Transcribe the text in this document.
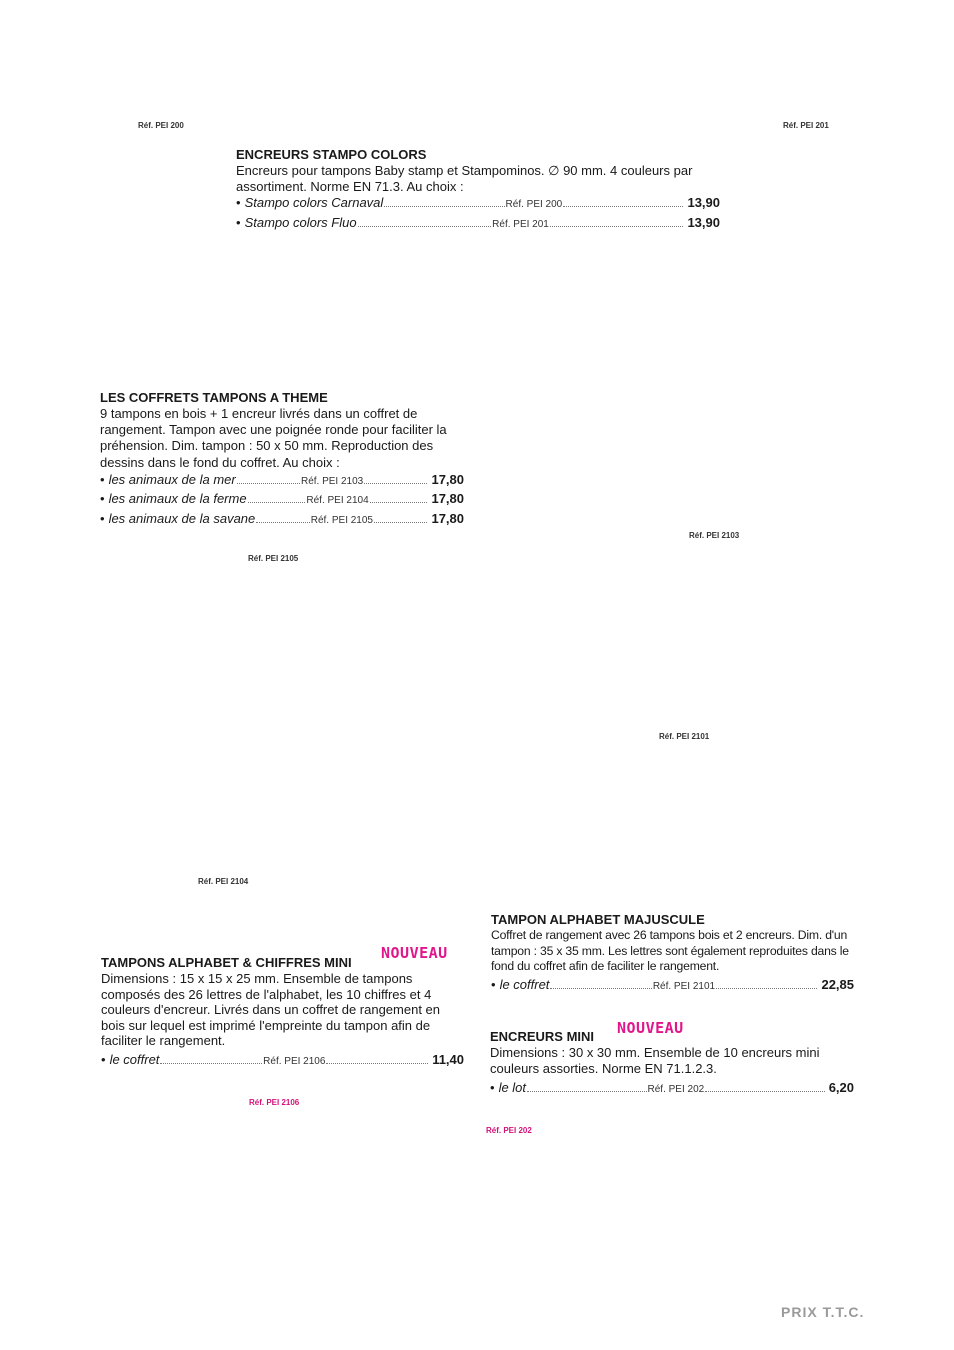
Réf. PEI 200	Réf. PEI 201
Réf. PEI 2103
Réf. PEI 2105
Réf. PEI 2101
Réf. PEI 2104
Réf. PEI 2106
Réf. PEI 202
ENCREURS STAMPO COLORS
Encreurs pour tampons Baby stamp et Stampominos. ∅ 90 mm. 4 couleurs par assortiment. Norme EN 71.3. Au choix :
• Stampo colors Carnaval	Réf. PEI 200	13,90
• Stampo colors Fluo	Réf. PEI 201	13,90
LES COFFRETS TAMPONS A THEME
9 tampons en bois + 1 encreur livrés dans un coffret de rangement. Tampon avec une poignée ronde pour faciliter la préhension. Dim. tampon : 50 x 50 mm. Reproduction des dessins dans le fond du coffret. Au choix :
• les animaux de la mer	Réf. PEI 2103	17,80
• les animaux de la ferme	Réf. PEI 2104	17,80
• les animaux de la savane	Réf. PEI 2105	17,80
NOUVEAU
TAMPONS ALPHABET & CHIFFRES MINI
Dimensions : 15 x 15 x 25 mm. Ensemble de tampons composés des 26 lettres de l'alphabet, les 10 chiffres et 4 couleurs d'encreur. Livrés dans un coffret de rangement en bois sur lequel est imprimé l'empreinte du tampon afin de faciliter le rangement.
• le coffret	Réf. PEI 2106	11,40
TAMPON ALPHABET MAJUSCULE
Coffret de rangement avec 26 tampons bois et 2 encreurs. Dim. d'un tampon : 35 x 35 mm. Les lettres sont également reproduites dans le fond du coffret afin de faciliter le rangement.
• le coffret	Réf. PEI 2101	22,85
NOUVEAU
ENCREURS MINI
Dimensions : 30 x 30 mm. Ensemble de 10 encreurs mini couleurs assorties. Norme EN 71.1.2.3.
• le lot	Réf. PEI 202	6,20
PRIX T.T.C.
